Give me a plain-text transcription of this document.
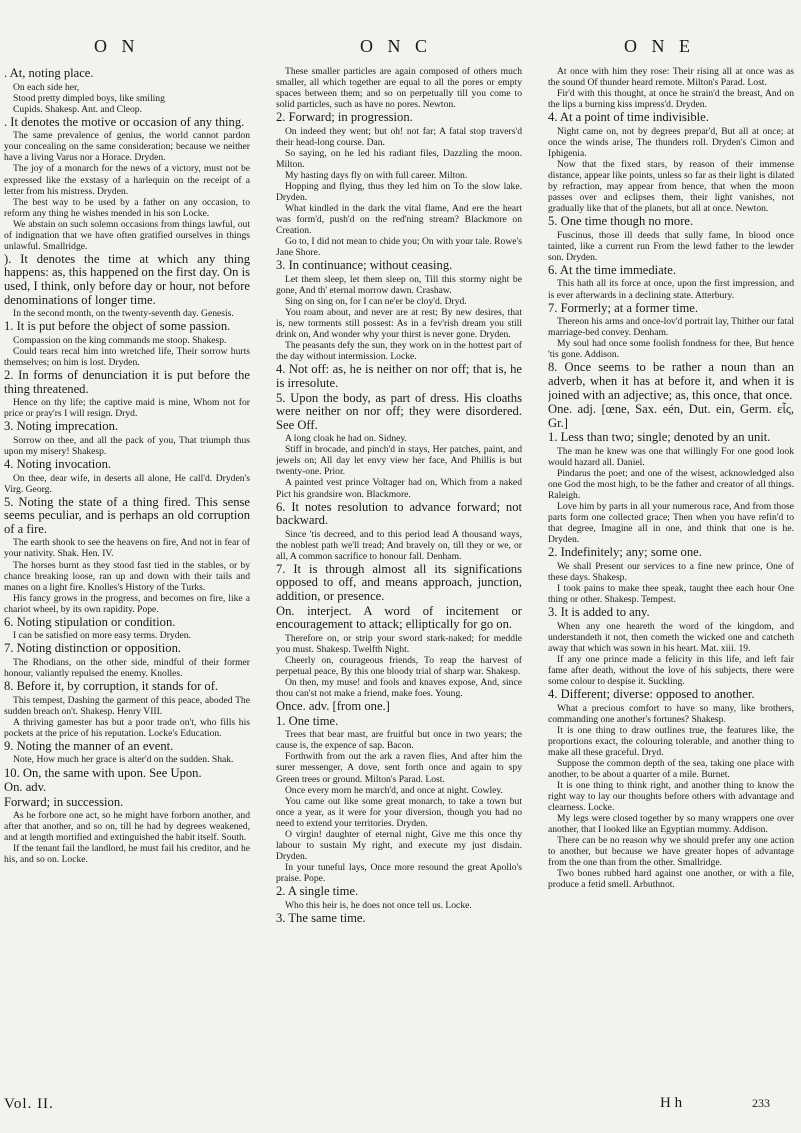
O N	O N C	O N E

. At, noting place.

On each side her,

Stood pretty dimpled boys, like smiling

Cupids. Shakesp. Ant. and Cleop.

. It denotes the motive or occasion of any thing.

The same prevalence of genius, the world cannot pardon your concealing on the same consideration; because we neither have a living Varus nor a Horace. Dryden.

The joy of a monarch for the news of a victory, must not be expressed like the exstasy of a harlequin on the receipt of a letter from his mistress. Dryden.

The best way to be used by a father on any occasion, to reform any thing he wishes mended in his son Locke.

We abstain on such solemn occasions from things lawful, out of indignation that we have often gratified ourselves in things unlawful. Smallridge.

). It denotes the time at which any thing happens: as, this happened on the first day. On is used, I think, only before day or hour, not before denominations of longer time.

In the second month, on the twenty-seventh day. Genesis.

1. It is put before the object of some passion.

Compassion on the king commands me stoop. Shakesp.

Could tears recal him into wretched life, Their sorrow hurts themselves; on him is lost. Dryden.

2. In forms of denunciation it is put before the thing threatened.

Hence on thy life; the captive maid is mine, Whom not for price or pray'rs I will resign. Dryd.

3. Noting imprecation.

Sorrow on thee, and all the pack of you, That triumph thus upon my misery! Shakesp.

4. Noting invocation.

On thee, dear wife, in deserts all alone, He call'd. Dryden's Virg. Georg.

5. Noting the state of a thing fired. This sense seems peculiar, and is perhaps an old corruption of a fire.

The earth shook to see the heavens on fire, And not in fear of your nativity. Shak. Hen. IV.

The horses burnt as they stood fast tied in the stables, or by chance breaking loose, ran up and down with their tails and manes on a light fire. Knolles's History of the Turks.

His fancy grows in the progress, and becomes on fire, like a chariot wheel, by its own rapidity. Pope.

6. Noting stipulation or condition.

I can be satisfied on more easy terms. Dryden.

7. Noting distinction or opposition.

The Rhodians, on the other side, mindful of their former honour, valiantly repulsed the enemy. Knolles.

8. Before it, by corruption, it stands for of.

This tempest, Dashing the garment of this peace, aboded The sudden breach on't. Shakesp. Henry VIII.

A thriving gamester has but a poor trade on't, who fills his pockets at the price of his reputation. Locke's Education.

9. Noting the manner of an event.

Note, How much her grace is alter'd on the sudden. Shak.

10. On, the same with upon. See Upon.

On. adv.

Forward; in succession.

As he forbore one act, so he might have forborn another, and after that another, and so on, till he had by degrees weakened, and at length mortified and extinguished the habit itself. South.

If the tenant fail the landlord, he must fail his creditor, and he his, and so on. Locke.

These smaller particles are again composed of others much smaller, all which together are equal to all the pores or empty spaces between them; and so on perpetually till you come to solid particles, such as have no pores. Newton.

2. Forward; in progression.

On indeed they went; but oh! not far; A fatal stop travers'd their head-long course. Dan.

So saying, on he led his radiant files, Dazzling the moon. Milton.

My hasting days fly on with full career. Milton.

Hopping and flying, thus they led him on To the slow lake. Dryden.

What kindled in the dark the vital flame, And ere the heart was form'd, push'd on the red'ning stream? Blackmore on Creation.

Go to, I did not mean to chide you; On with your tale. Rowe's Jane Shore.

3. In continuance; without ceasing.

Let them sleep, let them sleep on, Till this stormy night be gone, And th' eternal morrow dawn. Crashaw.

Sing on sing on, for I can ne'er be cloy'd. Dryd.

You roam about, and never are at rest; By new desires, that is, new torments still possest: As in a fev'rish dream you still drink on, And wonder why your thirst is never gone. Dryden.

The peasants defy the sun, they work on in the hottest part of the day without intermission. Locke.

4. Not off: as, he is neither on nor off; that is, he is irresolute.

5. Upon the body, as part of dress. His cloaths were neither on nor off; they were disordered. See Off.

A long cloak he had on. Sidney.

Stiff in brocade, and pinch'd in stays, Her patches, paint, and jewels on; All day let envy view her face, And Phillis is but twenty-one. Prior.

A painted vest prince Voltager had on, Which from a naked Pict his grandsire won. Blackmore.

6. It notes resolution to advance forward; not backward.

Since 'tis decreed, and to this period lead A thousand ways, the noblest path we'll tread; And bravely on, till they or we, or all, A common sacrifice to honour fall. Denham.

7. It is through almost all its significations opposed to off, and means approach, junction, addition, or presence.

On. interject. A word of incitement or encouragement to attack; elliptically for go on.

Therefore on, or strip your sword stark-naked; for meddle you must. Shakesp. Twelfth Night.

Cheerly on, courageous friends, To reap the harvest of perpetual peace, By this one bloody trial of sharp war. Shakesp.

On then, my muse! and fools and knaves expose, And, since thou can'st not make a friend, make foes. Young.

Once. adv. [from one.]

1. One time.

Trees that bear mast, are fruitful but once in two years; the cause is, the expence of sap. Bacon.

Forthwith from out the ark a raven flies, And after him the surer messenger, A dove, sent forth once and again to spy Green trees or ground. Milton's Parad. Lost.

Once every morn he march'd, and once at night. Cowley.

You came out like some great monarch, to take a town but once a year, as it were for your diversion, though you had no need to extend your territories. Dryden.

O virgin! daughter of eternal night, Give me this once thy labour to sustain My right, and execute my just disdain. Dryden.

In your tuneful lays, Once more resound the great Apollo's praise. Pope.

2. A single time.

Who this heir is, he does not once tell us. Locke.

3. The same time.

At once with him they rose: Their rising all at once was as the sound Of thunder heard remote. Milton's Parad. Lost.

Fir'd with this thought, at once he strain'd the breast, And on the lips a burning kiss impress'd. Dryden.

4. At a point of time indivisible.

Night came on, not by degrees prepar'd, But all at once; at once the winds arise, The thunders roll. Dryden's Cimon and Iphigenia.

Now that the fixed stars, by reason of their immense distance, appear like points, unless so far as their light is dilated by refraction, may appear from hence, that when the moon passes over and eclipses them, their light vanishes, not gradually like that of the planets, but all at once. Newton.

5. One time though no more.

Fuscinus, those ill deeds that sully fame, In blood once tainted, like a current run From the lewd father to the lewder son. Dryden.

6. At the time immediate.

This hath all its force at once, upon the first impression, and is ever afterwards in a declining state. Atterbury.

7. Formerly; at a former time.

Thereon his arms and once-lov'd portrait lay, Thither our fatal marriage-bed convey. Denham.

My soul had once some foolish fondness for thee, But hence 'tis gone. Addison.

8. Once seems to be rather a noun than an adverb, when it has at before it, and when it is joined with an adjective; as, this once, that once.

One. adj. [œne, Sax. eén, Dut. ein, Germ. εἷς, Gr.]

1. Less than two; single; denoted by an unit.

The man he knew was one that willingly For one good look would hazard all. Daniel.

Pindarus the poet; and one of the wisest, acknowledged also one God the most high, to be the father and creator of all things. Raleigh.

Love him by parts in all your numerous race, And from those parts form one collected grace; Then when you have refin'd to that degree, Imagine all in one, and think that one is he. Dryden.

2. Indefinitely; any; some one.

We shall Present our services to a fine new prince, One of these days. Shakesp.

I took pains to make thee speak, taught thee each hour One thing or other. Shakesp. Tempest.

3. It is added to any.

When any one heareth the word of the kingdom, and understandeth it not, then cometh the wicked one and catcheth away that which was sown in his heart. Mat. xiii. 19.

If any one prince made a felicity in this life, and left fair fame after death, without the love of his subjects, there were some colour to despise it. Suckling.

4. Different; diverse: opposed to another.

What a precious comfort to have so many, like brothers, commanding one another's fortunes? Shakesp.

It is one thing to draw outlines true, the features like, the proportions exact, the colouring tolerable, and another thing to make all these graceful. Dryd.

Suppose the common depth of the sea, taking one place with another, to be about a quarter of a mile. Burnet.

It is one thing to think right, and another thing to know the right way to lay our thoughts before others with advantage and clearness. Locke.

My legs were closed together by so many wrappers one over another, that I looked like an Egyptian mummy. Addison.

There can be no reason why we should prefer any one action to another, but because we have greater hopes of advantage from the one than from the other. Smallridge.

Two bones rubbed hard against one another, or with a file, produce a fetid smell. Arbuthnot.

Vol. II.	H h	233
